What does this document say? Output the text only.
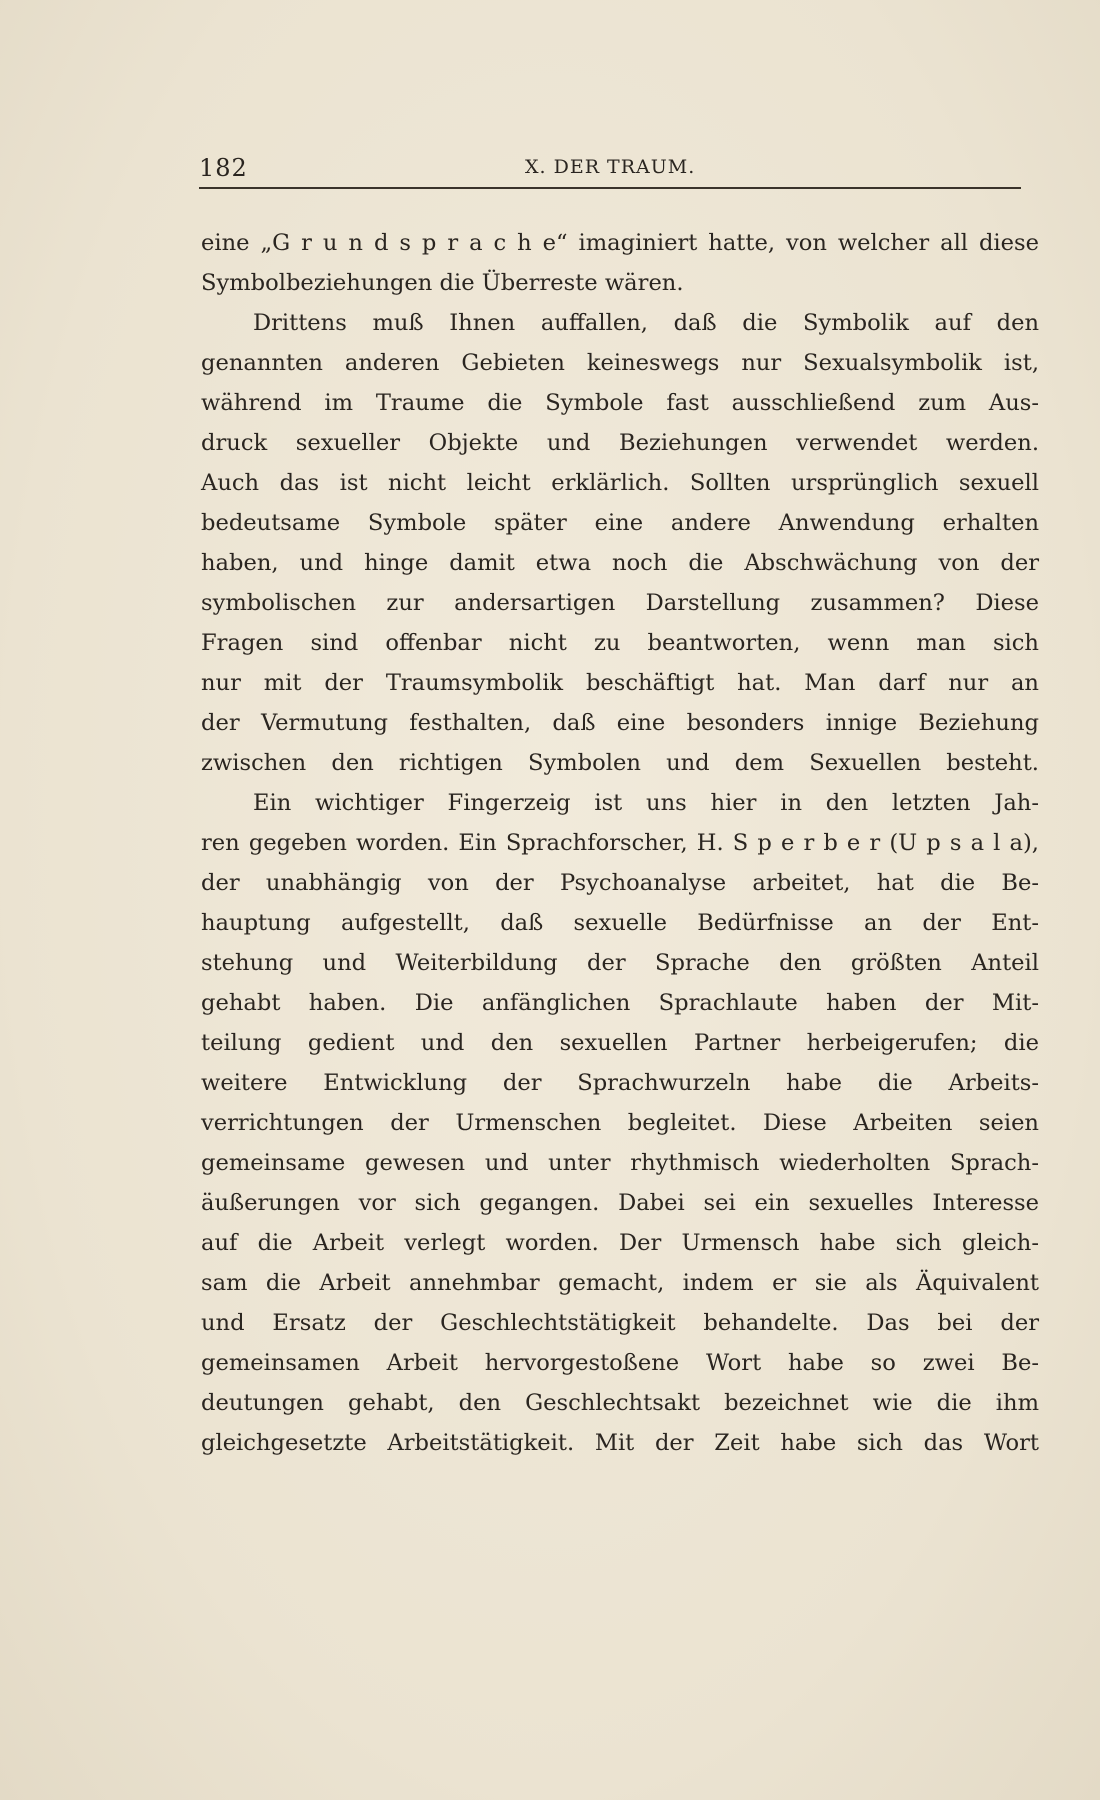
182	X. DER TRAUM.
eine „G r u n d s p r a c h e“ imaginiert hatte, von welcher all diese
Symbolbeziehungen die Überreste wären.
Drittens muß Ihnen auffallen, daß die Symbolik auf den
genannten anderen Gebieten keineswegs nur Sexualsymbolik ist,
während im Traume die Symbole fast ausschließend zum Aus-
druck sexueller Objekte und Beziehungen verwendet werden.
Auch das ist nicht leicht erklärlich. Sollten ursprünglich sexuell
bedeutsame Symbole später eine andere Anwendung erhalten
haben, und hinge damit etwa noch die Abschwächung von der
symbolischen zur andersartigen Darstellung zusammen? Diese
Fragen sind offenbar nicht zu beantworten, wenn man sich
nur mit der Traumsymbolik beschäftigt hat. Man darf nur an
der Vermutung festhalten, daß eine besonders innige Beziehung
zwischen den richtigen Symbolen und dem Sexuellen besteht.
Ein wichtiger Fingerzeig ist uns hier in den letzten Jah-
ren gegeben worden. Ein Sprachforscher, H. S p e r b e r (U p s a l a),
der unabhängig von der Psychoanalyse arbeitet, hat die Be-
hauptung aufgestellt, daß sexuelle Bedürfnisse an der Ent-
stehung und Weiterbildung der Sprache den größten Anteil
gehabt haben. Die anfänglichen Sprachlaute haben der Mit-
teilung gedient und den sexuellen Partner herbeigerufen; die
weitere Entwicklung der Sprachwurzeln habe die Arbeits-
verrichtungen der Urmenschen begleitet. Diese Arbeiten seien
gemeinsame gewesen und unter rhythmisch wiederholten Sprach-
äußerungen vor sich gegangen. Dabei sei ein sexuelles Interesse
auf die Arbeit verlegt worden. Der Urmensch habe sich gleich-
sam die Arbeit annehmbar gemacht, indem er sie als Äquivalent
und Ersatz der Geschlechtstätigkeit behandelte. Das bei der
gemeinsamen Arbeit hervorgestoßene Wort habe so zwei Be-
deutungen gehabt, den Geschlechtsakt bezeichnet wie die ihm
gleichgesetzte Arbeitstätigkeit. Mit der Zeit habe sich das Wort
